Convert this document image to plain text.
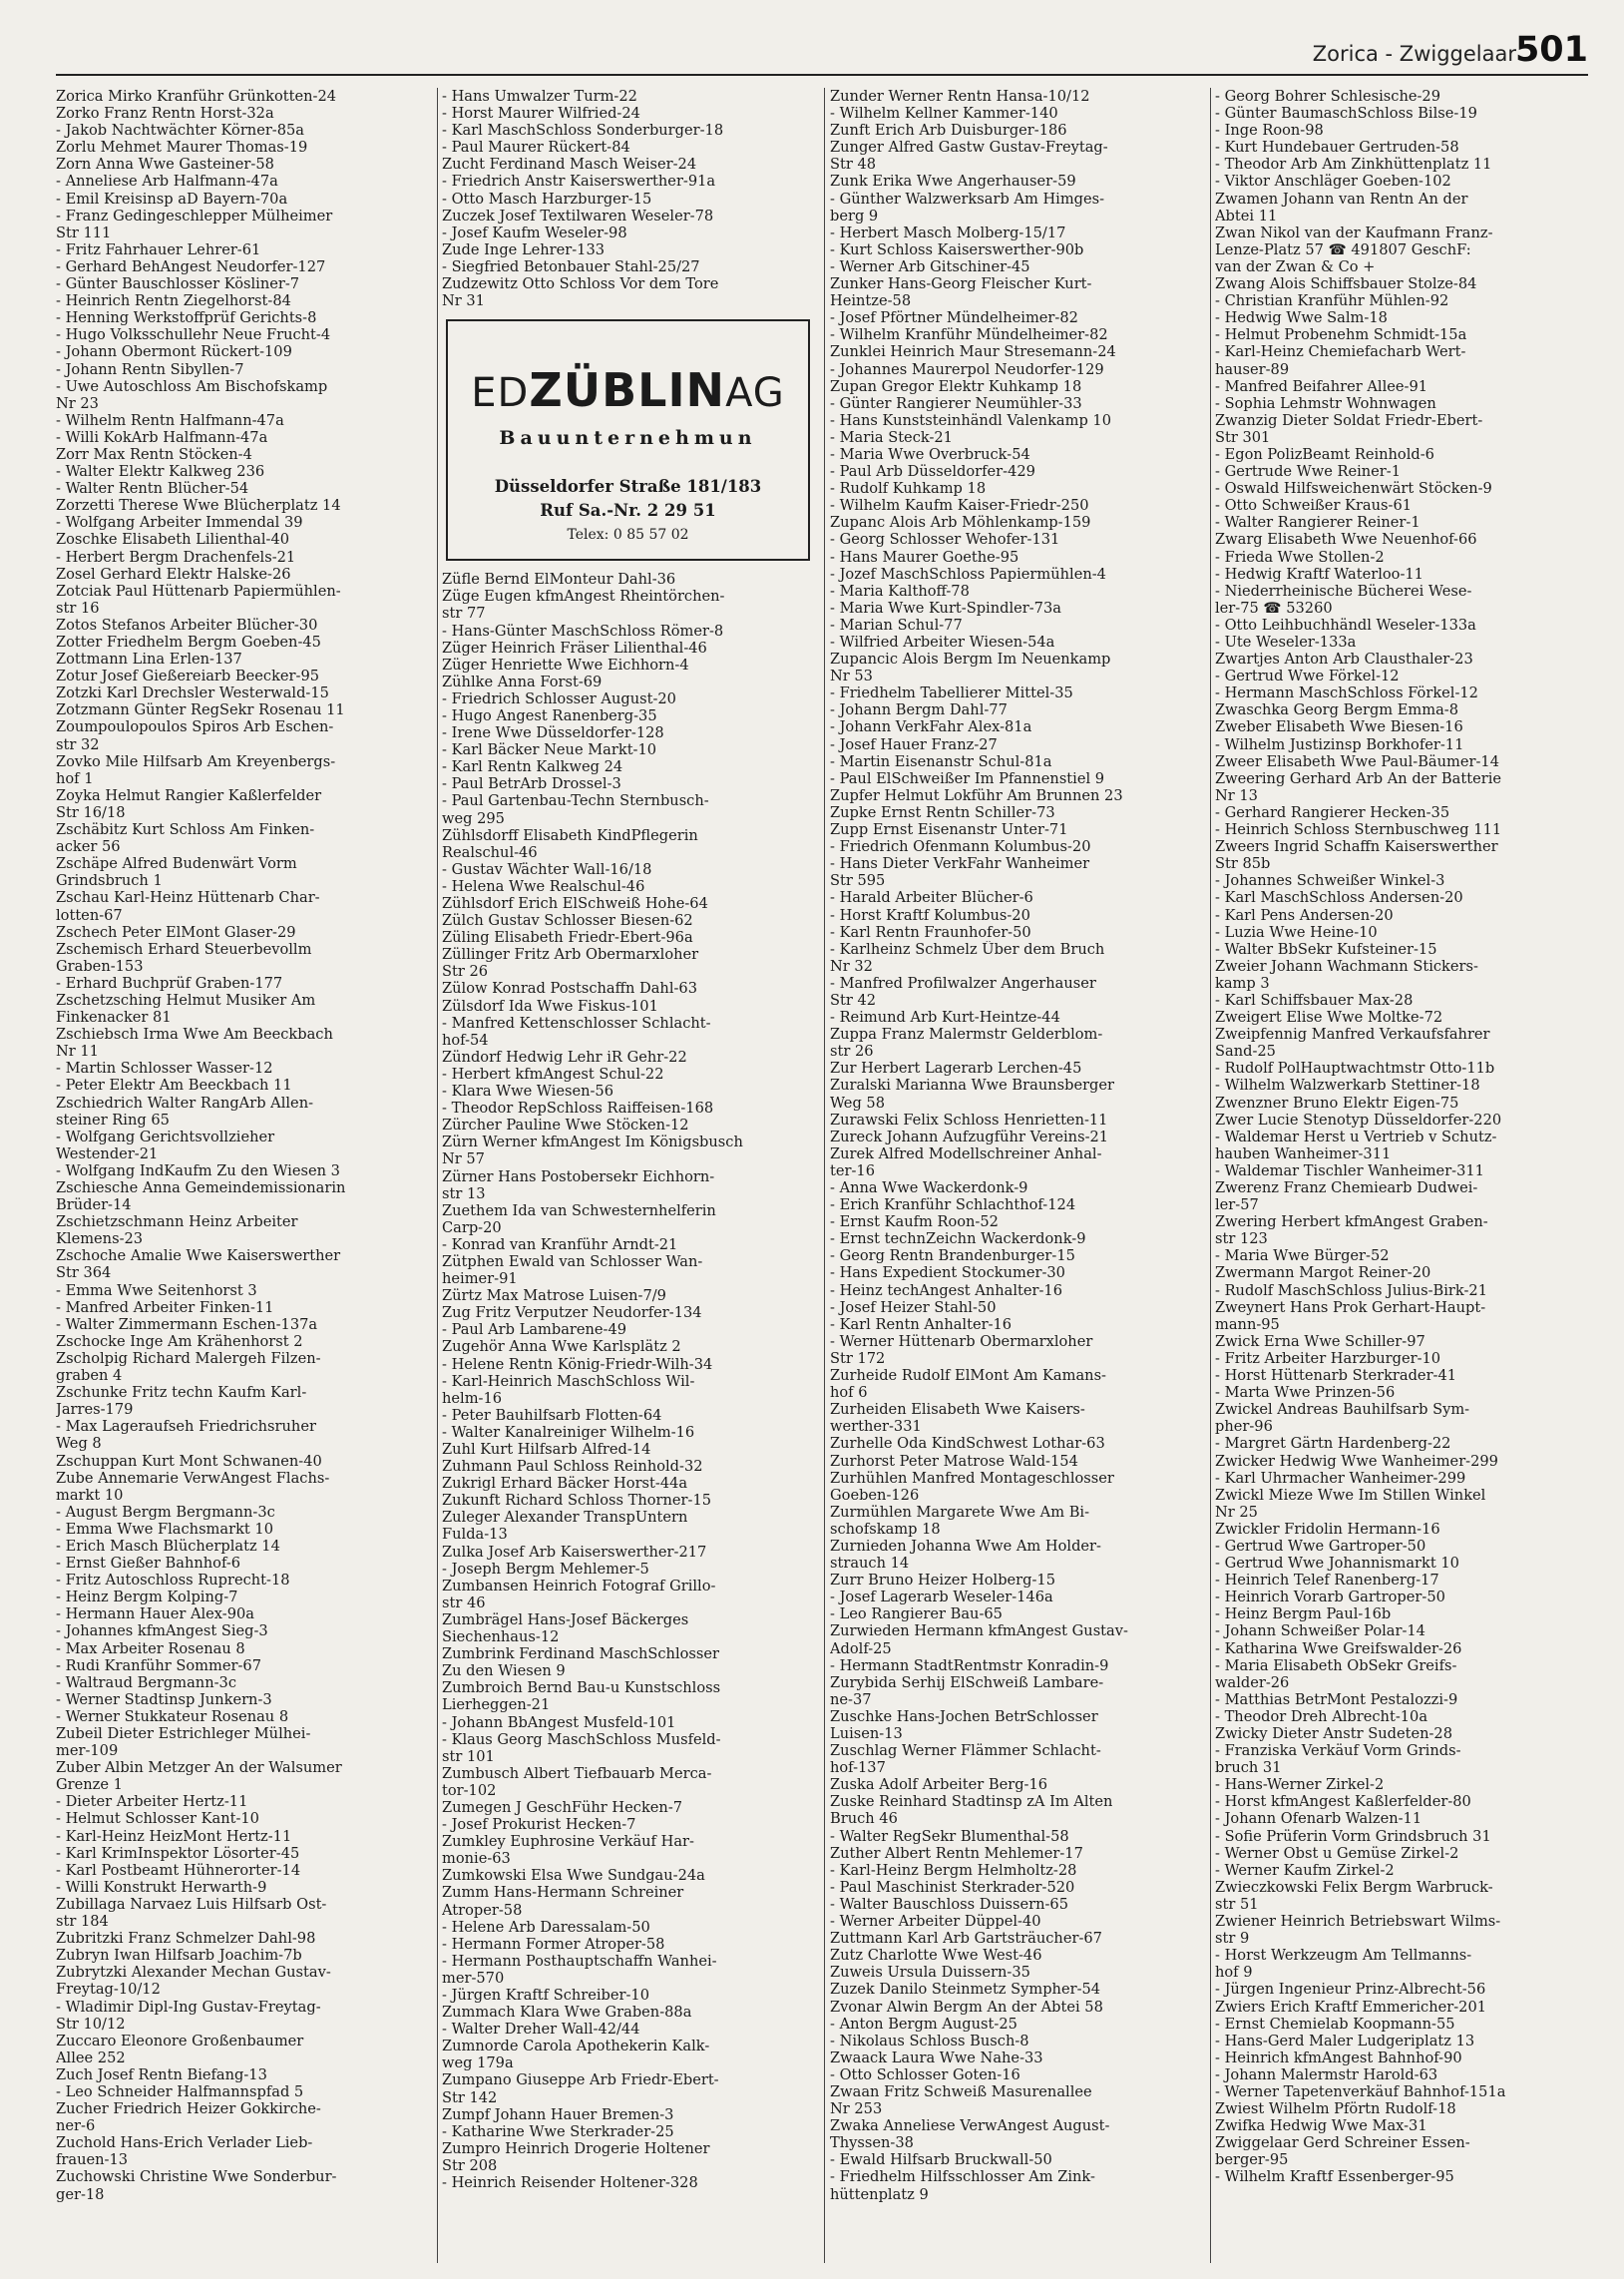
Zorica - Zwiggelaar
501
Zorica Mirko Kranführ Grünkotten-24
Zorko Franz Rentn Horst-32a
- Jakob Nachtwächter Körner-85a
Zorlu Mehmet Maurer Thomas-19
Zorn Anna Wwe Gasteiner-58
- Anneliese Arb Halfmann-47a
- Emil Kreisinsp aD Bayern-70a
- Franz Gedingeschlepper Mülheimer
Str 111
- Fritz Fahrhauer Lehrer-61
- Gerhard BehAngest Neudorfer-127
- Günter Bauschlosser Kösliner-7
- Heinrich Rentn Ziegelhorst-84
- Henning Werkstoffprüf Gerichts-8
- Hugo Volksschullehr Neue Frucht-4
- Johann Obermont Rückert-109
- Johann Rentn Sibyllen-7
- Uwe Autoschloss Am Bischofskamp
Nr 23
- Wilhelm Rentn Halfmann-47a
- Willi KokArb Halfmann-47a
Zorr Max Rentn Stöcken-4
- Walter Elektr Kalkweg 236
- Walter Rentn Blücher-54
Zorzetti Therese Wwe Blücherplatz 14
- Wolfgang Arbeiter Immendal 39
Zoschke Elisabeth Lilienthal-40
- Herbert Bergm Drachenfels-21
Zosel Gerhard Elektr Halske-26
Zotciak Paul Hüttenarb Papiermühlen-
str 16
Zotos Stefanos Arbeiter Blücher-30
Zotter Friedhelm Bergm Goeben-45
Zottmann Lina Erlen-137
Zotur Josef Gießereiarb Beecker-95
Zotzki Karl Drechsler Westerwald-15
Zotzmann Günter RegSekr Rosenau 11
Zoumpoulopoulos Spiros Arb Eschen-
str 32
Zovko Mile Hilfsarb Am Kreyenbergs-
hof 1
Zoyka Helmut Rangier Kaßlerfelder
Str 16/18
Zschäbitz Kurt Schloss Am Finken-
acker 56
Zschäpe Alfred Budenwärt Vorm
Grindsbruch 1
Zschau Karl-Heinz Hüttenarb Char-
lotten-67
Zschech Peter ElMont Glaser-29
Zschemisch Erhard Steuerbevollm
Graben-153
- Erhard Buchprüf Graben-177
Zschetzsching Helmut Musiker Am
Finkenacker 81
Zschiebsch Irma Wwe Am Beeckbach
Nr 11
- Martin Schlosser Wasser-12
- Peter Elektr Am Beeckbach 11
Zschiedrich Walter RangArb Allen-
steiner Ring 65
- Wolfgang Gerichtsvollzieher
Westender-21
- Wolfgang IndKaufm Zu den Wiesen 3
Zschiesche Anna Gemeindemissionarin
Brüder-14
Zschietzschmann Heinz Arbeiter
Klemens-23
Zschoche Amalie Wwe Kaiserswerther
Str 364
- Emma Wwe Seitenhorst 3
- Manfred Arbeiter Finken-11
- Walter Zimmermann Eschen-137a
Zschocke Inge Am Krähenhorst 2
Zscholpig Richard Malergeh Filzen-
graben 4
Zschunke Fritz techn Kaufm Karl-
Jarres-179
- Max Lageraufseh Friedrichsruher
Weg 8
Zschuppan Kurt Mont Schwanen-40
Zube Annemarie VerwAngest Flachs-
markt 10
- August Bergm Bergmann-3c
- Emma Wwe Flachsmarkt 10
- Erich Masch Blücherplatz 14
- Ernst Gießer Bahnhof-6
- Fritz Autoschloss Ruprecht-18
- Heinz Bergm Kolping-7
- Hermann Hauer Alex-90a
- Johannes kfmAngest Sieg-3
- Max Arbeiter Rosenau 8
- Rudi Kranführ Sommer-67
- Waltraud Bergmann-3c
- Werner Stadtinsp Junkern-3
- Werner Stukkateur Rosenau 8
Zubeil Dieter Estrichleger Mülhei-
mer-109
Zuber Albin Metzger An der Walsumer
Grenze 1
- Dieter Arbeiter Hertz-11
- Helmut Schlosser Kant-10
- Karl-Heinz HeizMont Hertz-11
- Karl KrimInspektor Lösorter-45
- Karl Postbeamt Hühnerorter-14
- Willi Konstrukt Herwarth-9
Zubillaga Narvaez Luis Hilfsarb Ost-
str 184
Zubritzki Franz Schmelzer Dahl-98
Zubryn Iwan Hilfsarb Joachim-7b
Zubrytzki Alexander Mechan Gustav-
Freytag-10/12
- Wladimir Dipl-Ing Gustav-Freytag-
Str 10/12
Zuccaro Eleonore Großenbaumer
Allee 252
Zuch Josef Rentn Biefang-13
- Leo Schneider Halfmannspfad 5
Zucher Friedrich Heizer Gokkirche-
ner-6
Zuchold Hans-Erich Verlader Lieb-
frauen-13
Zuchowski Christine Wwe Sonderbur-
ger-18
- Hans Umwalzer Turm-22
- Horst Maurer Wilfried-24
- Karl MaschSchloss Sonderburger-18
- Paul Maurer Rückert-84
Zucht Ferdinand Masch Weiser-24
- Friedrich Anstr Kaiserswerther-91a
- Otto Masch Harzburger-15
Zuczek Josef Textilwaren Weseler-78
- Josef Kaufm Weseler-98
Zude Inge Lehrer-133
- Siegfried Betonbauer Stahl-25/27
Zudzewitz Otto Schloss Vor dem Tore
Nr 31
EDZÜBLINAG
Bauunternehmun
Düsseldorfer Straße 181/183
Ruf Sa.-Nr. 2 29 51
Telex: 0 85 57 02
Züfle Bernd ElMonteur Dahl-36
Züge Eugen kfmAngest Rheintörchen-
str 77
- Hans-Günter MaschSchloss Römer-8
Züger Heinrich Fräser Lilienthal-46
Züger Henriette Wwe Eichhorn-4
Zühlke Anna Forst-69
- Friedrich Schlosser August-20
- Hugo Angest Ranenberg-35
- Irene Wwe Düsseldorfer-128
- Karl Bäcker Neue Markt-10
- Karl Rentn Kalkweg 24
- Paul BetrArb Drossel-3
- Paul Gartenbau-Techn Sternbusch-
weg 295
Zühlsdorff Elisabeth KindPflegerin
Realschul-46
- Gustav Wächter Wall-16/18
- Helena Wwe Realschul-46
Zühlsdorf Erich ElSchweiß Hohe-64
Zülch Gustav Schlosser Biesen-62
Züling Elisabeth Friedr-Ebert-96a
Züllinger Fritz Arb Obermarxloher
Str 26
Zülow Konrad Postschaffn Dahl-63
Zülsdorf Ida Wwe Fiskus-101
- Manfred Kettenschlosser Schlacht-
hof-54
Zündorf Hedwig Lehr iR Gehr-22
- Herbert kfmAngest Schul-22
- Klara Wwe Wiesen-56
- Theodor RepSchloss Raiffeisen-168
Zürcher Pauline Wwe Stöcken-12
Zürn Werner kfmAngest Im Königsbusch
Nr 57
Zürner Hans Postobersekr Eichhorn-
str 13
Zuethem Ida van Schwesternhelferin
Carp-20
- Konrad van Kranführ Arndt-21
Zütphen Ewald van Schlosser Wan-
heimer-91
Zürtz Max Matrose Luisen-7/9
Zug Fritz Verputzer Neudorfer-134
- Paul Arb Lambarene-49
Zugehör Anna Wwe Karlsplätz 2
- Helene Rentn König-Friedr-Wilh-34
- Karl-Heinrich MaschSchloss Wil-
helm-16
- Peter Bauhilfsarb Flotten-64
- Walter Kanalreiniger Wilhelm-16
Zuhl Kurt Hilfsarb Alfred-14
Zuhmann Paul Schloss Reinhold-32
Zukrigl Erhard Bäcker Horst-44a
Zukunft Richard Schloss Thorner-15
Zuleger Alexander TranspUntern
Fulda-13
Zulka Josef Arb Kaiserswerther-217
- Joseph Bergm Mehlemer-5
Zumbansen Heinrich Fotograf Grillo-
str 46
Zumbrägel Hans-Josef Bäckerges
Siechenhaus-12
Zumbrink Ferdinand MaschSchlosser
Zu den Wiesen 9
Zumbroich Bernd Bau-u Kunstschloss
Lierheggen-21
- Johann BbAngest Musfeld-101
- Klaus Georg MaschSchloss Musfeld-
str 101
Zumbusch Albert Tiefbauarb Merca-
tor-102
Zumegen J GeschFühr Hecken-7
- Josef Prokurist Hecken-7
Zumkley Euphrosine Verkäuf Har-
monie-63
Zumkowski Elsa Wwe Sundgau-24a
Zumm Hans-Hermann Schreiner
Atroper-58
- Helene Arb Daressalam-50
- Hermann Former Atroper-58
- Hermann Posthauptschaffn Wanhei-
mer-570
- Jürgen Kraftf Schreiber-10
Zummach Klara Wwe Graben-88a
- Walter Dreher Wall-42/44
Zumnorde Carola Apothekerin Kalk-
weg 179a
Zumpano Giuseppe Arb Friedr-Ebert-
Str 142
Zumpf Johann Hauer Bremen-3
- Katharine Wwe Sterkrader-25
Zumpro Heinrich Drogerie Holtener
Str 208
- Heinrich Reisender Holtener-328
Zunder Werner Rentn Hansa-10/12
- Wilhelm Kellner Kammer-140
Zunft Erich Arb Duisburger-186
Zunger Alfred Gastw Gustav-Freytag-
Str 48
Zunk Erika Wwe Angerhauser-59
- Günther Walzwerksarb Am Himges-
berg 9
- Herbert Masch Molberg-15/17
- Kurt Schloss Kaiserswerther-90b
- Werner Arb Gitschiner-45
Zunker Hans-Georg Fleischer Kurt-
Heintze-58
- Josef Pförtner Mündelheimer-82
- Wilhelm Kranführ Mündelheimer-82
Zunklei Heinrich Maur Stresemann-24
- Johannes Maurerpol Neudorfer-129
Zupan Gregor Elektr Kuhkamp 18
- Günter Rangierer Neumühler-33
- Hans Kunststeinhändl Valenkamp 10
- Maria Steck-21
- Maria Wwe Overbruck-54
- Paul Arb Düsseldorfer-429
- Rudolf Kuhkamp 18
- Wilhelm Kaufm Kaiser-Friedr-250
Zupanc Alois Arb Möhlenkamp-159
- Georg Schlosser Wehofer-131
- Hans Maurer Goethe-95
- Jozef MaschSchloss Papiermühlen-4
- Maria Kalthoff-78
- Maria Wwe Kurt-Spindler-73a
- Marian Schul-77
- Wilfried Arbeiter Wiesen-54a
Zupancic Alois Bergm Im Neuenkamp
Nr 53
- Friedhelm Tabellierer Mittel-35
- Johann Bergm Dahl-77
- Johann VerkFahr Alex-81a
- Josef Hauer Franz-27
- Martin Eisenanstr Schul-81a
- Paul ElSchweißer Im Pfannenstiel 9
Zupfer Helmut Lokführ Am Brunnen 23
Zupke Ernst Rentn Schiller-73
Zupp Ernst Eisenanstr Unter-71
- Friedrich Ofenmann Kolumbus-20
- Hans Dieter VerkFahr Wanheimer
Str 595
- Harald Arbeiter Blücher-6
- Horst Kraftf Kolumbus-20
- Karl Rentn Fraunhofer-50
- Karlheinz Schmelz Über dem Bruch
Nr 32
- Manfred Profilwalzer Angerhauser
Str 42
- Reimund Arb Kurt-Heintze-44
Zuppa Franz Malermstr Gelderblom-
str 26
Zur Herbert Lagerarb Lerchen-45
Zuralski Marianna Wwe Braunsberger
Weg 58
Zurawski Felix Schloss Henrietten-11
Zureck Johann Aufzugführ Vereins-21
Zurek Alfred Modellschreiner Anhal-
ter-16
- Anna Wwe Wackerdonk-9
- Erich Kranführ Schlachthof-124
- Ernst Kaufm Roon-52
- Ernst technZeichn Wackerdonk-9
- Georg Rentn Brandenburger-15
- Hans Expedient Stockumer-30
- Heinz techAngest Anhalter-16
- Josef Heizer Stahl-50
- Karl Rentn Anhalter-16
- Werner Hüttenarb Obermarxloher
Str 172
Zurheide Rudolf ElMont Am Kamans-
hof 6
Zurheiden Elisabeth Wwe Kaisers-
werther-331
Zurhelle Oda KindSchwest Lothar-63
Zurhorst Peter Matrose Wald-154
Zurhühlen Manfred Montageschlosser
Goeben-126
Zurmühlen Margarete Wwe Am Bi-
schofskamp 18
Zurnieden Johanna Wwe Am Holder-
strauch 14
Zurr Bruno Heizer Holberg-15
- Josef Lagerarb Weseler-146a
- Leo Rangierer Bau-65
Zurwieden Hermann kfmAngest Gustav-
Adolf-25
- Hermann StadtRentmstr Konradin-9
Zurybida Serhij ElSchweiß Lambare-
ne-37
Zuschke Hans-Jochen BetrSchlosser
Luisen-13
Zuschlag Werner Flämmer Schlacht-
hof-137
Zuska Adolf Arbeiter Berg-16
Zuske Reinhard Stadtinsp zA Im Alten
Bruch 46
- Walter RegSekr Blumenthal-58
Zuther Albert Rentn Mehlemer-17
- Karl-Heinz Bergm Helmholtz-28
- Paul Maschinist Sterkrader-520
- Walter Bauschloss Duissern-65
- Werner Arbeiter Düppel-40
Zuttmann Karl Arb Gartsträucher-67
Zutz Charlotte Wwe West-46
Zuweis Ursula Duissern-35
Zuzek Danilo Steinmetz Sympher-54
Zvonar Alwin Bergm An der Abtei 58
- Anton Bergm August-25
- Nikolaus Schloss Busch-8
Zwaack Laura Wwe Nahe-33
- Otto Schlosser Goten-16
Zwaan Fritz Schweiß Masurenallee
Nr 253
Zwaka Anneliese VerwAngest August-
Thyssen-38
- Ewald Hilfsarb Bruckwall-50
- Friedhelm Hilfsschlosser Am Zink-
hüttenplatz 9
- Georg Bohrer Schlesische-29
- Günter BaumaschSchloss Bilse-19
- Inge Roon-98
- Kurt Hundebauer Gertruden-58
- Theodor Arb Am Zinkhüttenplatz 11
- Viktor Anschläger Goeben-102
Zwamen Johann van Rentn An der
Abtei 11
Zwan Nikol van der Kaufmann Franz-
Lenze-Platz 57 ☎ 491807 GeschF:
van der Zwan & Co +
Zwang Alois Schiffsbauer Stolze-84
- Christian Kranführ Mühlen-92
- Hedwig Wwe Salm-18
- Helmut Probenehm Schmidt-15a
- Karl-Heinz Chemiefacharb Wert-
hauser-89
- Manfred Beifahrer Allee-91
- Sophia Lehmstr Wohnwagen
Zwanzig Dieter Soldat Friedr-Ebert-
Str 301
- Egon PolizBeamt Reinhold-6
- Gertrude Wwe Reiner-1
- Oswald Hilfsweichenwärt Stöcken-9
- Otto Schweißer Kraus-61
- Walter Rangierer Reiner-1
Zwarg Elisabeth Wwe Neuenhof-66
- Frieda Wwe Stollen-2
- Hedwig Kraftf Waterloo-11
- Niederrheinische Bücherei Wese-
ler-75 ☎ 53260
- Otto Leihbuchhändl Weseler-133a
- Ute Weseler-133a
Zwartjes Anton Arb Clausthaler-23
- Gertrud Wwe Förkel-12
- Hermann MaschSchloss Förkel-12
Zwaschka Georg Bergm Emma-8
Zweber Elisabeth Wwe Biesen-16
- Wilhelm Justizinsp Borkhofer-11
Zweer Elisabeth Wwe Paul-Bäumer-14
Zweering Gerhard Arb An der Batterie
Nr 13
- Gerhard Rangierer Hecken-35
- Heinrich Schloss Sternbuschweg 111
Zweers Ingrid Schaffn Kaiserswerther
Str 85b
- Johannes Schweißer Winkel-3
- Karl MaschSchloss Andersen-20
- Karl Pens Andersen-20
- Luzia Wwe Heine-10
- Walter BbSekr Kufsteiner-15
Zweier Johann Wachmann Stickers-
kamp 3
- Karl Schiffsbauer Max-28
Zweigert Elise Wwe Moltke-72
Zweipfennig Manfred Verkaufsfahrer
Sand-25
- Rudolf PolHauptwachtmstr Otto-11b
- Wilhelm Walzwerkarb Stettiner-18
Zwenzner Bruno Elektr Eigen-75
Zwer Lucie Stenotyp Düsseldorfer-220
- Waldemar Herst u Vertrieb v Schutz-
hauben Wanheimer-311
- Waldemar Tischler Wanheimer-311
Zwerenz Franz Chemiearb Dudwei-
ler-57
Zwering Herbert kfmAngest Graben-
str 123
- Maria Wwe Bürger-52
Zwermann Margot Reiner-20
- Rudolf MaschSchloss Julius-Birk-21
Zweynert Hans Prok Gerhart-Haupt-
mann-95
Zwick Erna Wwe Schiller-97
- Fritz Arbeiter Harzburger-10
- Horst Hüttenarb Sterkrader-41
- Marta Wwe Prinzen-56
Zwickel Andreas Bauhilfsarb Sym-
pher-96
- Margret Gärtn Hardenberg-22
Zwicker Hedwig Wwe Wanheimer-299
- Karl Uhrmacher Wanheimer-299
Zwickl Mieze Wwe Im Stillen Winkel
Nr 25
Zwickler Fridolin Hermann-16
- Gertrud Wwe Gartroper-50
- Gertrud Wwe Johannismarkt 10
- Heinrich Telef Ranenberg-17
- Heinrich Vorarb Gartroper-50
- Heinz Bergm Paul-16b
- Johann Schweißer Polar-14
- Katharina Wwe Greifswalder-26
- Maria Elisabeth ObSekr Greifs-
walder-26
- Matthias BetrMont Pestalozzi-9
- Theodor Dreh Albrecht-10a
Zwicky Dieter Anstr Sudeten-28
- Franziska Verkäuf Vorm Grinds-
bruch 31
- Hans-Werner Zirkel-2
- Horst kfmAngest Kaßlerfelder-80
- Johann Ofenarb Walzen-11
- Sofie Prüferin Vorm Grindsbruch 31
- Werner Obst u Gemüse Zirkel-2
- Werner Kaufm Zirkel-2
Zwieczkowski Felix Bergm Warbruck-
str 51
Zwiener Heinrich Betriebswart Wilms-
str 9
- Horst Werkzeugm Am Tellmanns-
hof 9
- Jürgen Ingenieur Prinz-Albrecht-56
Zwiers Erich Kraftf Emmericher-201
- Ernst Chemielab Koopmann-55
- Hans-Gerd Maler Ludgeriplatz 13
- Heinrich kfmAngest Bahnhof-90
- Johann Malermstr Harold-63
- Werner Tapetenverkäuf Bahnhof-151a
Zwiest Wilhelm Pförtn Rudolf-18
Zwifka Hedwig Wwe Max-31
Zwiggelaar Gerd Schreiner Essen-
berger-95
- Wilhelm Kraftf Essenberger-95
